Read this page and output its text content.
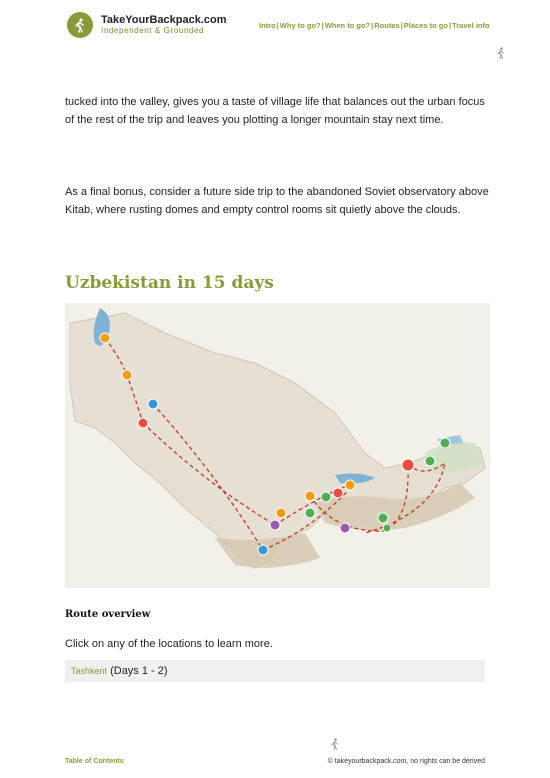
TakeYourBackpack.com
Independent & Grounded
Intro | Why to go? | When to go? | Routes | Places to go | Travel info

tucked into the valley, gives you a taste of village life that balances out the urban focus of the rest of the trip and leaves you plotting a longer mountain stay next time.

As a final bonus, consider a future side trip to the abandoned Soviet observatory above Kitab, where rusting domes and empty control rooms sit quietly above the clouds.

Uzbekistan in 15 days
Route overview
Click on any of the locations to learn more.
Tashkent (Days 1 - 2)
Table of Contents	© takeyourbackpack.com, no rights can be derived
